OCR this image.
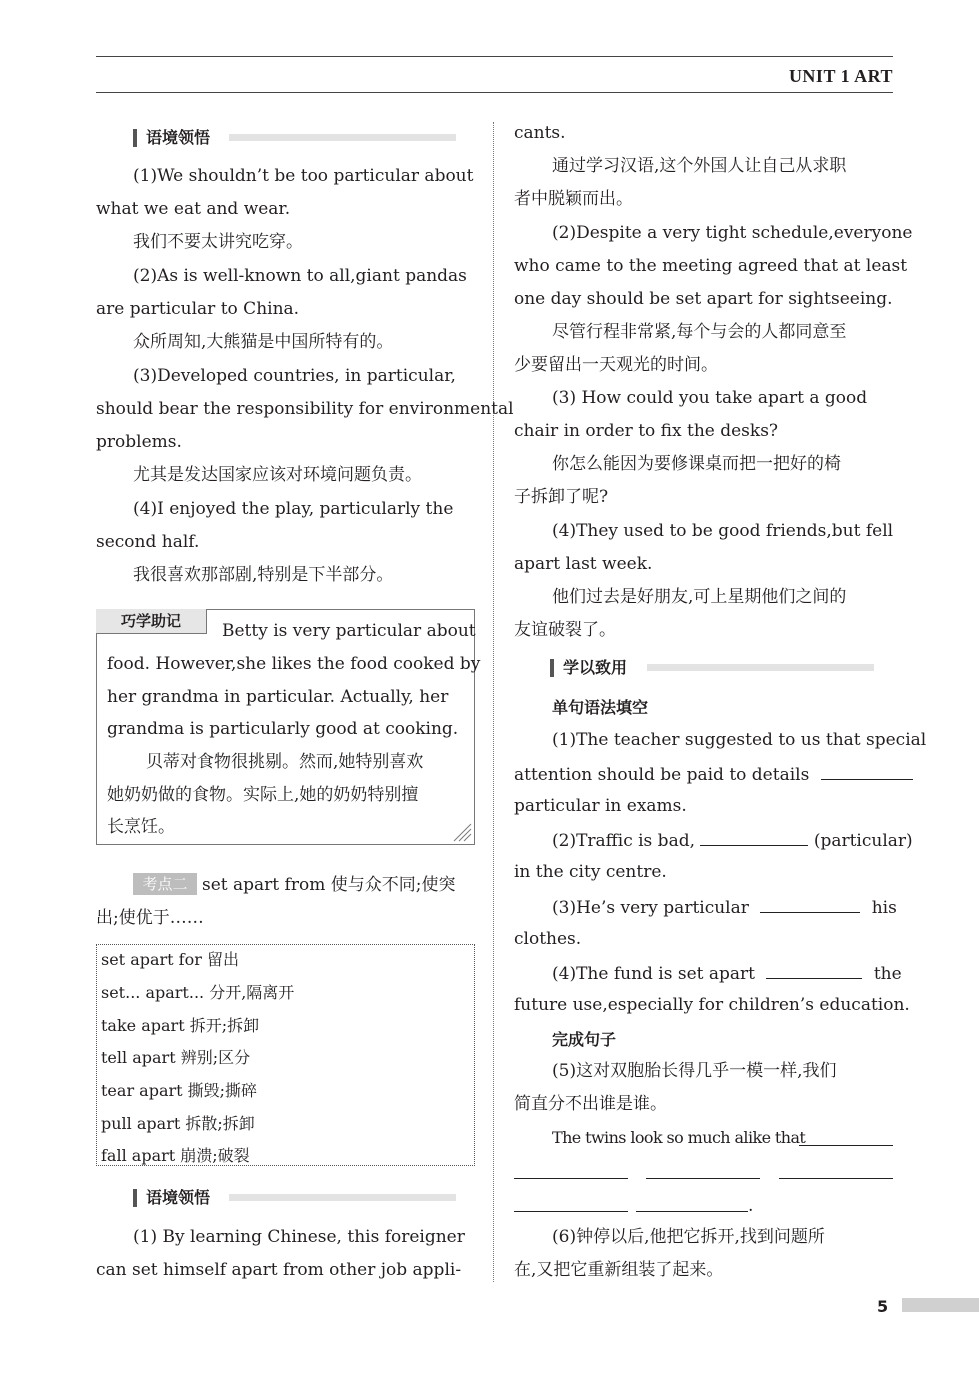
UNIT 1 ART
语境领悟
(1)We shouldn’t be too particular about
what we eat and wear.
我们不要太讲究吃穿。
(2)As is well-known to all,giant pandas
are particular to China.
众所周知,大熊猫是中国所特有的。
(3)Developed countries, in particular,
should bear the responsibility for environmental
problems.
尤其是发达国家应该对环境问题负责。
(4)I enjoyed the play, particularly the
second half.
我很喜欢那部剧,特别是下半部分。
巧学助记	Betty is very particular about
food. However,she likes the food cooked by
her grandma in particular. Actually, her
grandma is particularly good at cooking.
贝蒂对食物很挑剔。然而,她特别喜欢
她奶奶做的食物。实际上,她的奶奶特别擅
长烹饪。
考点二 set apart from 使与众不同;使突
出;使优于……
set apart for 留出
set... apart... 分开,隔离开
take apart 拆开;拆卸
tell apart 辨别;区分
tear apart 撕毁;撕碎
pull apart 拆散;拆卸
fall apart 崩溃;破裂
语境领悟
(1) By learning Chinese, this foreigner
can set himself apart from other job appli-
cants.
通过学习汉语,这个外国人让自己从求职
者中脱颖而出。
(2)Despite a very tight schedule,everyone
who came to the meeting agreed that at least
one day should be set apart for sightseeing.
尽管行程非常紧,每个与会的人都同意至
少要留出一天观光的时间。
(3) How could you take apart a good
chair in order to fix the desks?
你怎么能因为要修课桌而把一把好的椅
子拆卸了呢?
(4)They used to be good friends,but fell
apart last week.
他们过去是好朋友,可上星期他们之间的
友谊破裂了。
学以致用
单句语法填空
(1)The teacher suggested to us that special
attention should be paid to details
particular in exams.
(2)Traffic is bad,	(particular)
in the city centre.
(3)He’s very particular	his
clothes.
(4)The fund is set apart	the
future use,especially for children’s education.
完成句子
(5)这对双胞胎长得几乎一模一样,我们
简直分不出谁是谁。
The twins look so much alike that
.
(6)钟停以后,他把它拆开,找到问题所
在,又把它重新组装了起来。
5
